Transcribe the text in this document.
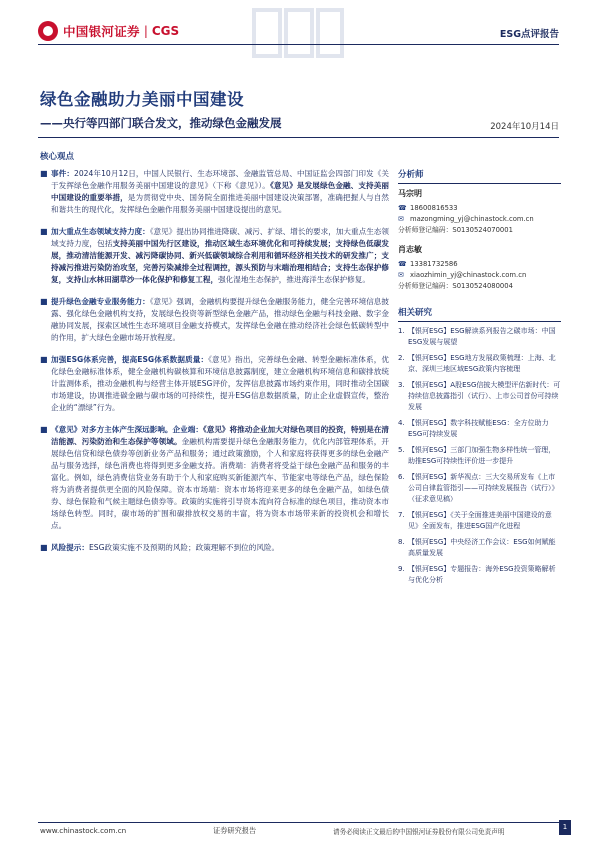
中国银河证券 | CGS	ESG点评报告
绿色金融助力美丽中国建设
——央行等四部门联合发文，推动绿色金融发展	2024年10月14日
核心观点
■ 事件：2024年10月12日，中国人民银行、生态环境部、金融监管总局、中国证监会四部门印发《关于发挥绿色金融作用服务美丽中国建设的意见》（下称《意见》）。《意见》是发展绿色金融、支持美丽中国建设的重要举措，是为贯彻党中央、国务院全面推进美丽中国建设决策部署，准确把握人与自然和谐共生的现代化，发挥绿色金融作用服务美丽中国建设提出的意见。
■ 加大重点生态领域支持力度：《意见》提出协同推进降碳、减污、扩绿、增长的要求，加大重点生态领域支持力度，包括支持美丽中国先行区建设，推动区域生态环境优化和可持续发展；支持绿色低碳发展，推动清洁能源开发、减污降碳协同、新兴低碳领域综合利用和循环经济相关技术的研发推广；支持减污推进污染防治攻坚，完善污染减排全过程调控，源头预防与末端治理相结合；支持生态保护修复，支持山水林田湖草沙一体化保护和修复工程，强化湿地生态保护，推进海洋生态保护修复。
■ 提升绿色金融专业服务能力：《意见》强调，金融机构要提升绿色金融服务能力，健全完善环境信息披露、强化绿色金融机构支持，发展绿色投资等新型绿色金融产品，推动绿色金融与科技金融、数字金融协同发展，探索区域性生态环境项目金融支持模式，发挥绿色金融在推动经济社会绿色低碳转型中的作用，扩大绿色金融市场开放程度。
■ 加强ESG体系完善，提高ESG体系数据质量：《意见》指出，完善绿色金融、转型金融标准体系，优化绿色金融标准体系，健全金融机构碳核算和环境信息披露制度，建立金融机构环境信息和碳排放统计监测体系，推动金融机构与经营主体开展ESG评价，发挥信息披露市场约束作用，同时推动全国碳市场建设，协调推进碳金融与碳市场的可持续性，提升ESG信息数据质量，防止企业虚假宣传，整治企业的“漂绿”行为。
■ 《意见》对多方主体产生深远影响。企业端：《意见》将推动企业加大对绿色项目的投资，特别是在清洁能源、污染防治和生态保护等领域。金融机构需要提升绿色金融服务能力，优化内部管理体系，开展绿色信贷和绿色债券等创新业务产品和服务；通过政策激励，个人和家庭将获得更多的绿色金融产品与服务选择，绿色消费也将得到更多金融支持。消费端：消费者将受益于绿色金融产品和服务的丰富化。例如，绿色消费信贷业务有助于个人和家庭购买新能源汽车、节能家电等绿色产品，绿色保险将为消费者提供更全面的风险保障。资本市场端：资本市场将迎来更多的绿色金融产品，如绿色债券、绿色保险和气候主题绿色债券等。政策的实施将引导资本流向符合标准的绿色项目，推动资本市场绿色转型。同时，碳市场的扩围和碳排放权交易的丰富，将为资本市场带来新的投资机会和增长点。
■ 风险提示：ESG政策实施不及预期的风险；政策理解不到位的风险。
分析师
马宗明
☎ 18600816533
✉ mazongming_yj@chinastock.com.cn
分析师登记编码：S0130524070001
肖志敏
☎ 13381732586
✉ xiaozhimin_yj@chinastock.com.cn
分析师登记编码：S0130524080004
相关研究
1. 【银河ESG】ESG解读系列报告之碳市场：中国ESG发展与展望
2. 【银河ESG】ESG地方发展政策梳理：上海、北京、深圳三地区域ESG政策内容梳理
3. 【银河ESG】A股ESG信披大模型评估新时代：可持续信息披露指引（试行）、上市公司首份可持续发展
4. 【银河ESG】数字科技赋能ESG：全方位助力ESG可持续发展
5. 【银河ESG】三部门加强生物多样性统一管理，助推ESG可持续性评价进一步提升
6. 【银河ESG】新华视点：三大交易所发布《上市公司自律监管指引——可持续发展报告（试行）》（征求意见稿）
7. 【银河ESG】《关于全面推进美丽中国建设的意见》全面发布，推进ESG国产化进程
8. 【银河ESG】中央经济工作会议：ESG如何赋能高质量发展
9. 【银河ESG】专题报告：海外ESG投资策略解析与优化分析
www.chinastock.com.cn	证券研究报告	请务必阅读正文最后的中国银河证券股份有限公司免责声明
1
